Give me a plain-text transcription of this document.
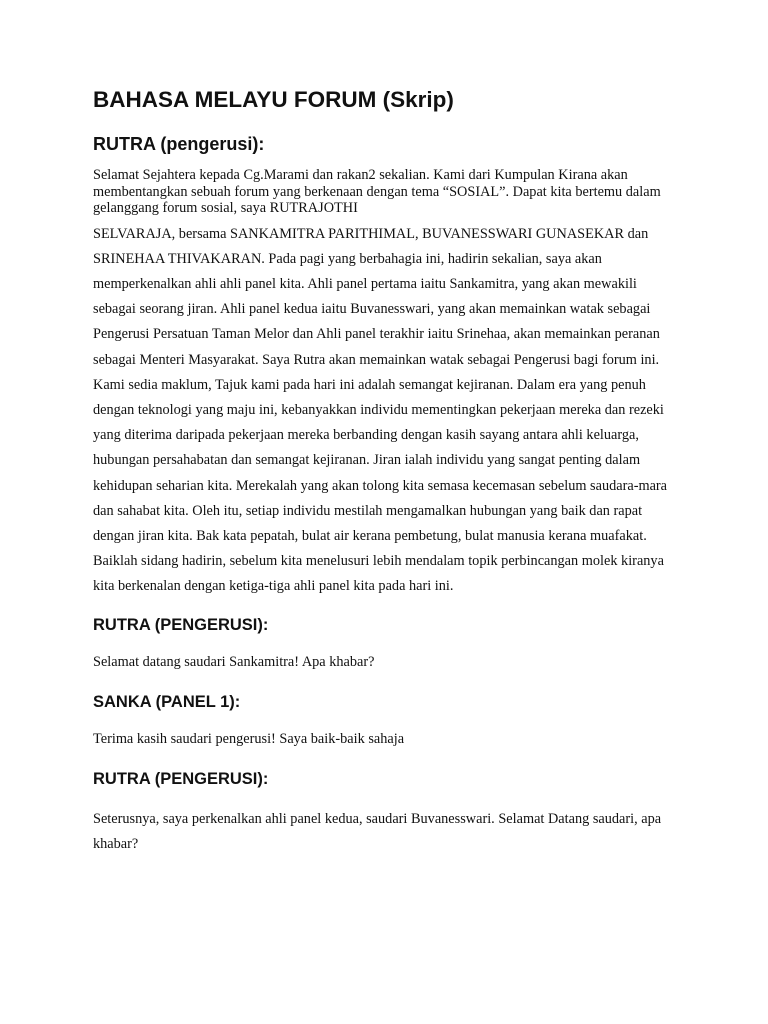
BAHASA MELAYU FORUM (Skrip)
RUTRA (pengerusi):

Selamat Sejahtera kepada Cg.Marami dan rakan2 sekalian. Kami dari Kumpulan Kirana akan membentangkan sebuah forum yang berkenaan dengan tema “SOSIAL”. Dapat kita bertemu dalam gelanggang forum sosial, saya RUTRAJOTHI

SELVARAJA, bersama SANKAMITRA PARITHIMAL, BUVANESSWARI GUNASEKAR dan SRINEHAA THIVAKARAN. Pada pagi yang berbahagia ini, hadirin sekalian, saya akan memperkenalkan ahli ahli panel kita. Ahli panel pertama iaitu Sankamitra, yang akan mewakili sebagai seorang jiran. Ahli panel kedua iaitu Buvanesswari, yang akan memainkan watak sebagai Pengerusi Persatuan Taman Melor dan Ahli panel terakhir iaitu Srinehaa, akan memainkan peranan sebagai Menteri Masyarakat. Saya Rutra akan memainkan watak sebagai Pengerusi bagi forum ini. Kami sedia maklum, Tajuk kami pada hari ini adalah semangat kejiranan. Dalam era yang penuh dengan teknologi yang maju ini, kebanyakkan individu mementingkan pekerjaan mereka dan rezeki yang diterima daripada pekerjaan mereka berbanding dengan kasih sayang antara ahli keluarga, hubungan persahabatan dan semangat kejiranan. Jiran ialah individu yang sangat penting dalam kehidupan seharian kita. Merekalah yang akan tolong kita semasa kecemasan sebelum saudara-mara dan sahabat kita. Oleh itu, setiap individu mestilah mengamalkan hubungan yang baik dan rapat dengan jiran kita. Bak kata pepatah, bulat air kerana pembetung, bulat manusia kerana muafakat. Baiklah sidang hadirin, sebelum kita menelusuri lebih mendalam topik perbincangan molek kiranya kita berkenalan dengan ketiga-tiga ahli panel kita pada hari ini.

RUTRA (PENGERUSI):

Selamat datang saudari Sankamitra! Apa khabar?

SANKA (PANEL 1):

Terima kasih saudari pengerusi! Saya baik-baik sahaja

RUTRA (PENGERUSI):

Seterusnya, saya perkenalkan ahli panel kedua, saudari Buvanesswari. Selamat Datang saudari, apa khabar?
